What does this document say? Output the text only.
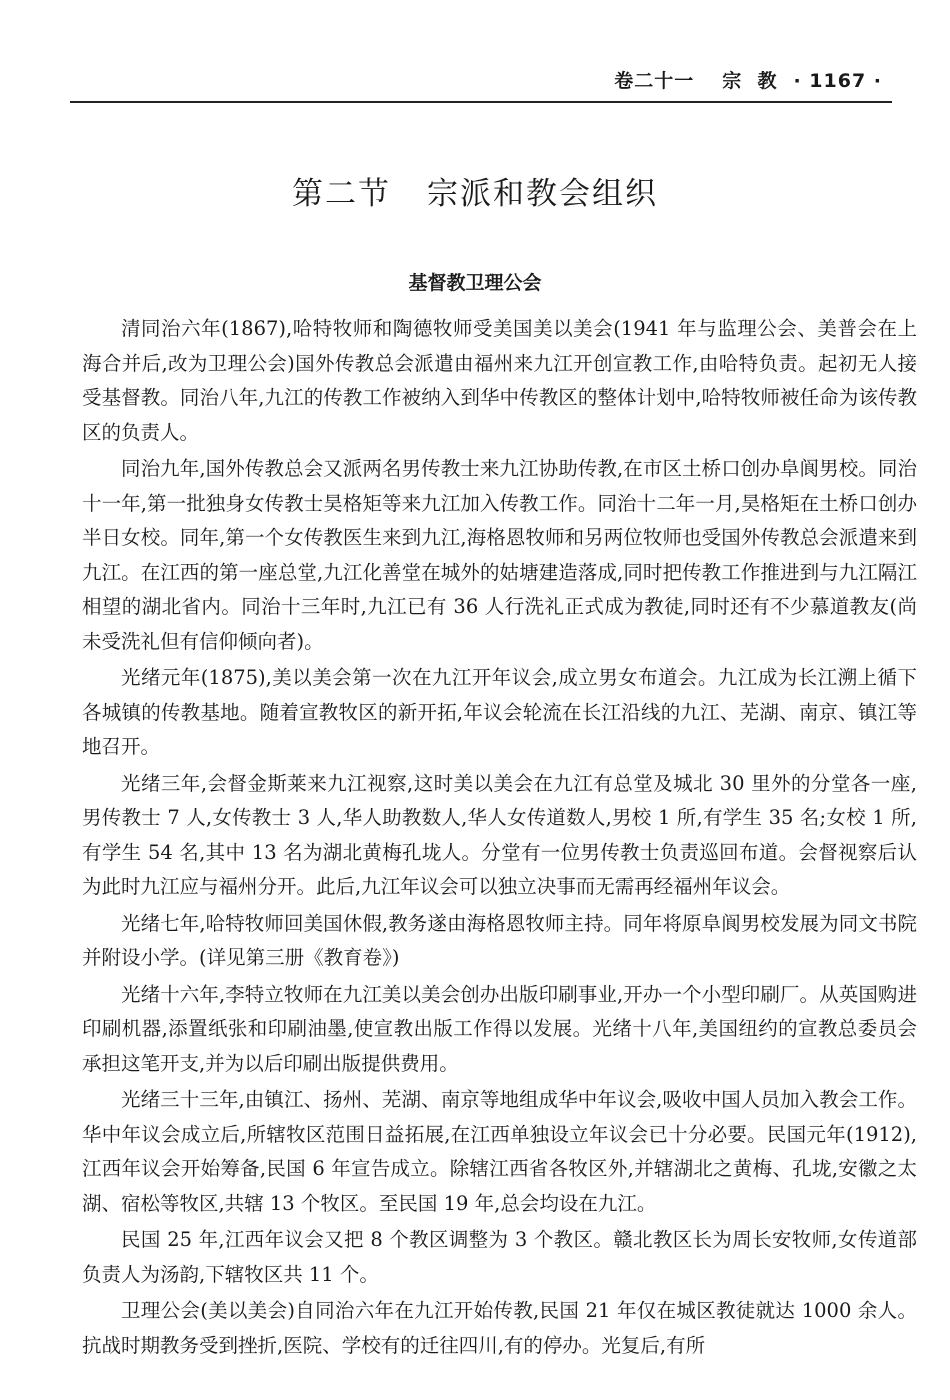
卷二十一 宗  教 · 1167 ·
第二节 宗派和教会组织
基督教卫理公会

清同治六年(1867),哈特牧师和陶德牧师受美国美以美会(1941 年与监理公会、美普会在上海合并后,改为卫理公会)国外传教总会派遣由福州来九江开创宣教工作,由哈特负责。起初无人接受基督教。同治八年,九江的传教工作被纳入到华中传教区的整体计划中,哈特牧师被任命为该传教区的负责人。

同治九年,国外传教总会又派两名男传教士来九江协助传教,在市区土桥口创办阜阆男校。同治十一年,第一批独身女传教士昊格矩等来九江加入传教工作。同治十二年一月,昊格矩在土桥口创办半日女校。同年,第一个女传教医生来到九江,海格恩牧师和另两位牧师也受国外传教总会派遣来到九江。在江西的第一座总堂,九江化善堂在城外的姑塘建造落成,同时把传教工作推进到与九江隔江相望的湖北省内。同治十三年时,九江已有 36 人行洗礼正式成为教徒,同时还有不少慕道教友(尚未受洗礼但有信仰倾向者)。

光绪元年(1875),美以美会第一次在九江开年议会,成立男女布道会。九江成为长江溯上循下各城镇的传教基地。随着宣教牧区的新开拓,年议会轮流在长江沿线的九江、芜湖、南京、镇江等地召开。

光绪三年,会督金斯莱来九江视察,这时美以美会在九江有总堂及城北 30 里外的分堂各一座,男传教士 7 人,女传教士 3 人,华人助教数人,华人女传道数人,男校 1 所,有学生 35 名;女校 1 所,有学生 54 名,其中 13 名为湖北黄梅孔垅人。分堂有一位男传教士负责巡回布道。会督视察后认为此时九江应与福州分开。此后,九江年议会可以独立决事而无需再经福州年议会。

光绪七年,哈特牧师回美国休假,教务遂由海格恩牧师主持。同年将原阜阆男校发展为同文书院并附设小学。(详见第三册《教育卷》)

光绪十六年,李特立牧师在九江美以美会创办出版印刷事业,开办一个小型印刷厂。从英国购进印刷机器,添置纸张和印刷油墨,使宣教出版工作得以发展。光绪十八年,美国纽约的宣教总委员会承担这笔开支,并为以后印刷出版提供费用。

光绪三十三年,由镇江、扬州、芜湖、南京等地组成华中年议会,吸收中国人员加入教会工作。华中年议会成立后,所辖牧区范围日益拓展,在江西单独设立年议会已十分必要。民国元年(1912),江西年议会开始筹备,民国 6 年宣告成立。除辖江西省各牧区外,并辖湖北之黄梅、孔垅,安徽之太湖、宿松等牧区,共辖 13 个牧区。至民国 19 年,总会均设在九江。

民国 25 年,江西年议会又把 8 个教区调整为 3 个教区。赣北教区长为周长安牧师,女传道部负责人为汤韵,下辖牧区共 11 个。

卫理公会(美以美会)自同治六年在九江开始传教,民国 21 年仅在城区教徒就达 1000 余人。抗战时期教务受到挫折,医院、学校有的迁往四川,有的停办。光复后,有所
